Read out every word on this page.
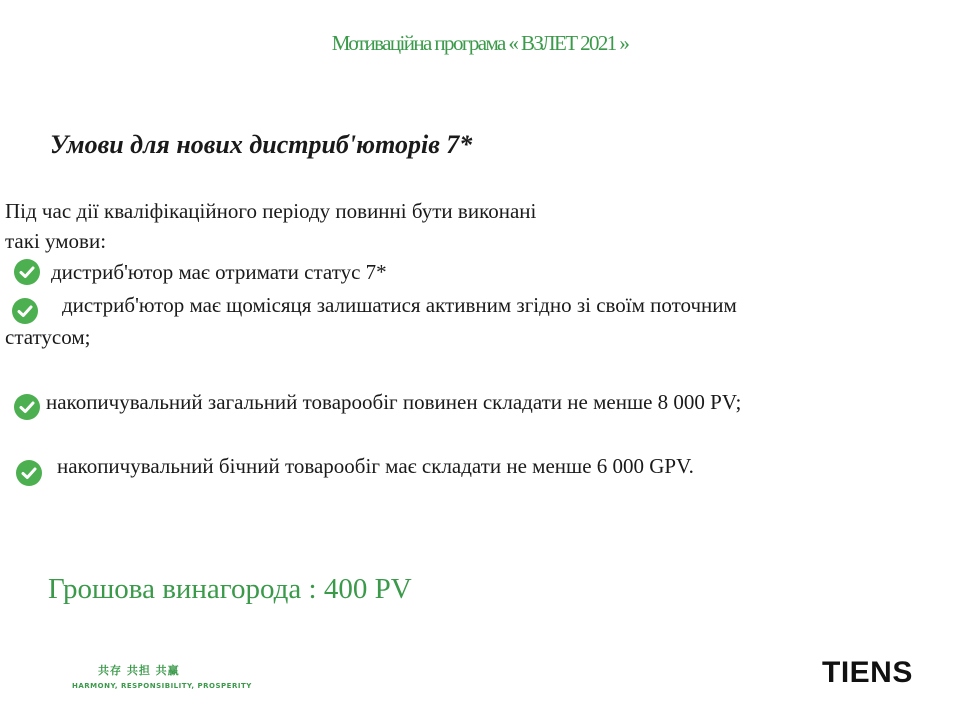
Мотиваційна програма « ВЗЛЕТ 2021 »
Умови для нових дистриб'юторів 7*
Під час дії кваліфікаційного періоду повинні бути виконані
такі умови:
дистриб'ютор має отримати статус 7*
дистриб'ютор має щомісяця залишатися активним згідно зі своїм поточним
статусом;
накопичувальний загальний товарообіг повинен складати не менше 8 000 PV;
накопичувальний бічний товарообіг має складати не менше 6 000 GPV.
Грошова винагорода : 400 PV
共存 共担 共赢
HARMONY, RESPONSIBILITY, PROSPERITY	TIENS
